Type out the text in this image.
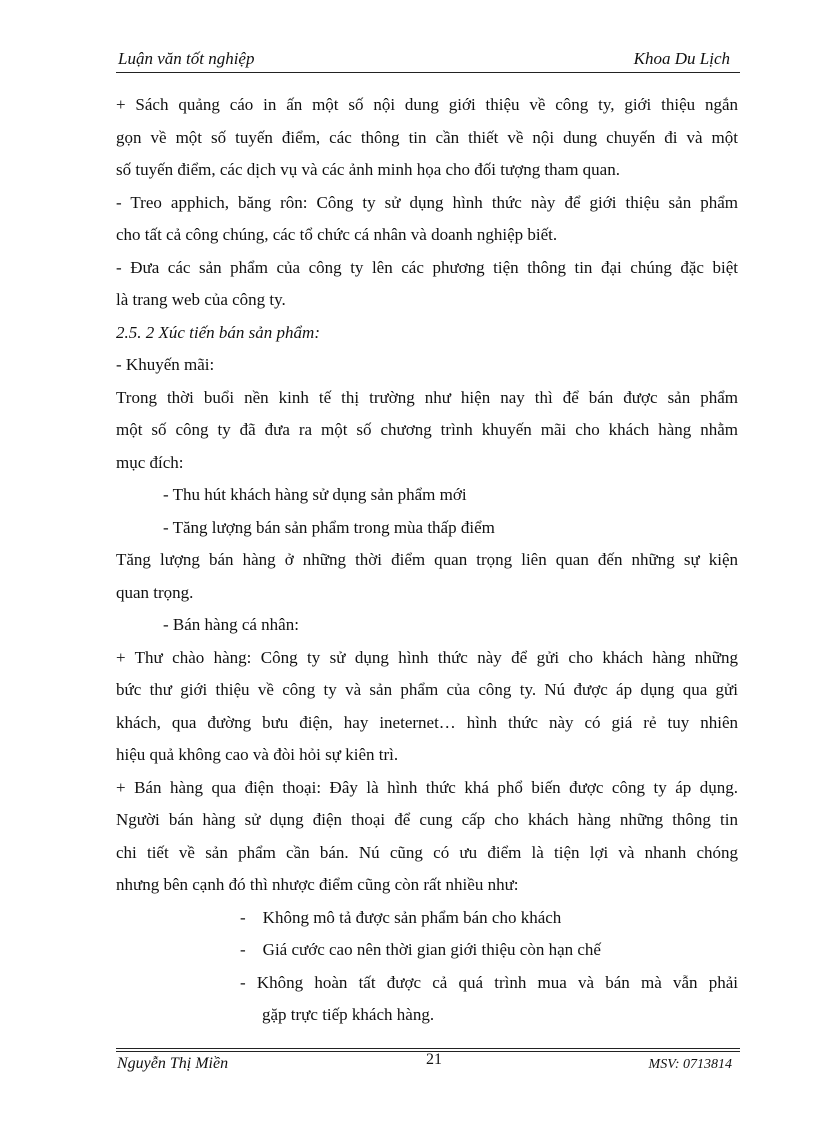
Luận văn tốt nghiệp	Khoa Du Lịch
+ Sách quảng cáo in ấn một số nội dung giới thiệu về công ty, giới thiệu ngắn
gọn về một số tuyến điểm, các thông tin cần thiết về nội dung chuyến đi và một
số tuyến điểm, các dịch vụ và các ảnh minh họa cho đối tượng tham quan.
- Treo apphich, băng rôn: Công ty sử dụng hình thức này để giới thiệu sản phẩm
cho tất cả công chúng, các tổ chức cá nhân và doanh nghiệp biết.
- Đưa các sản phẩm của công ty lên các phương tiện thông tin đại chúng đặc biệt
là trang web của công ty.
2.5. 2 Xúc tiến bán sản phẩm:
- Khuyến mãi:
Trong thời buổi nền kinh tế thị trường như hiện nay thì để bán được sản phẩm
một số công ty đã đưa ra một số chương trình khuyến mãi cho khách hàng nhằm
mục đích:
- Thu hút khách hàng sử dụng sản phẩm mới
- Tăng lượng bán sản phẩm trong mùa thấp điểm
Tăng lượng bán hàng ở những thời điểm quan trọng liên quan đến những sự kiện
quan trọng.
- Bán hàng cá nhân:
+ Thư chào hàng: Công ty sử dụng hình thức này để gửi cho khách hàng những
bức thư giới thiệu về công ty và sản phẩm của công ty. Nú được áp dụng qua gửi
khách, qua đường bưu điện, hay ineternet… hình thức này có giá rẻ tuy nhiên
hiệu quả không cao và đòi hỏi sự kiên trì.
+ Bán hàng qua điện thoại: Đây là hình thức khá phổ biến được công ty áp dụng.
Người bán hàng sử dụng điện thoại để cung cấp cho khách hàng những thông tin
chi tiết về sản phẩm cần bán. Nú cũng có ưu điểm là tiện lợi và nhanh chóng
nhưng bên cạnh đó thì nhược điểm cũng còn rất nhiều như:
-    Không mô tả được sản phẩm bán cho khách
-    Giá cước cao nên thời gian giới thiệu còn hạn chế
- Không hoàn tất được cả quá trình mua và bán mà vẫn phải
gặp trực tiếp khách hàng.
Nguyễn Thị Miền	21	MSV: 0713814
